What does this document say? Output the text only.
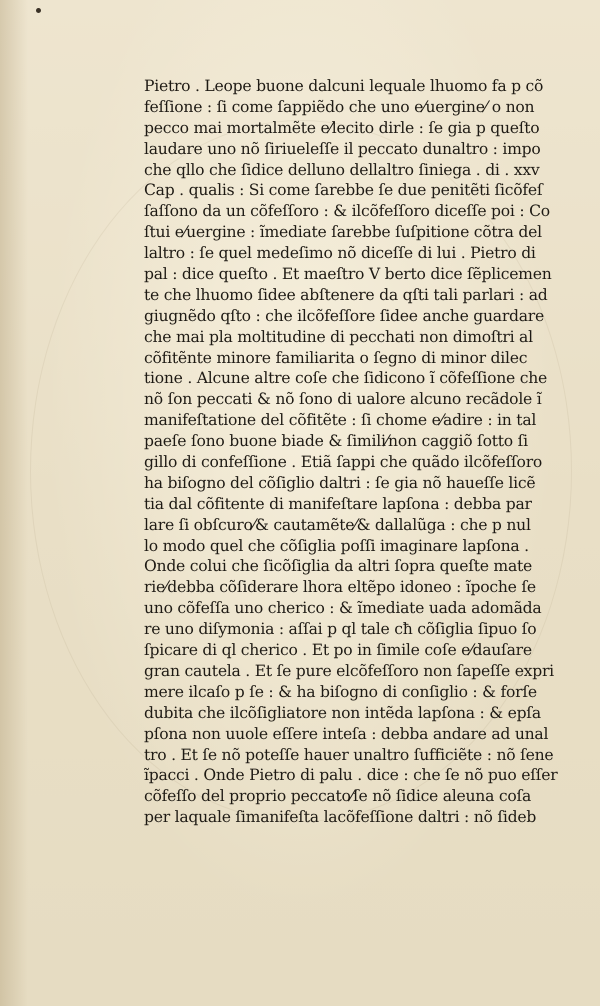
Pietro . Leope buone dalcuni lequale lhuomo fa p cõ
feſſione : ſi come ſappiẽdo che uno e⁄uergine⁄ o non
pecco mai mortalmẽte e⁄lecito dirle : ſe gia p queſto
laudare uno nõ ſiriueleſſe il peccato dunaltro : impo
che qllo che ſidice delluno dellaltro ſiniega . di . xxv
Cap . qualis : Si come ſarebbe ſe due penitẽti ſicõfeſ
ſaſſono da un cõfeſſoro : & ilcõfeſſoro diceſſe poi : Co
ſtui e⁄uergine : ĩmediate ſarebbe ſuſpitione cõtra del
laltro : ſe quel medeſimo nõ diceſſe di lui . Pietro di
pal : dice queſto . Et maeſtro V berto dice ſẽplicemen
te che lhuomo ſidee abſtenere da qſti tali parlari : ad
giugnẽdo qſto : che ilcõfeſſore ſidee anche guardare
che mai pla moltitudine di pecchati non dimoſtri al
cõfitẽnte minore familiarita o ſegno di minor dilec
tione . Alcune altre coſe che ſidicono ĩ cõfeſſione che
nõ ſon peccati & nõ ſono di ualore alcuno recãdole ĩ
manifeſtatione del cõfitẽte : ſi chome e⁄adire : in tal
paeſe ſono buone biade & ſimili⁄non caggiõ ſotto ſi
gillo di confeſſione . Etiã ſappi che quãdo ilcõfeſſoro
ha biſogno del cõſiglio daltri : ſe gia nõ haueſſe licẽ
tia dal cõfitente di manifeſtare lapſona : debba par
lare ſi obſcuro⁄& cautamẽte⁄& dallalũga : che p nul
lo modo quel che cõſiglia poſſi imaginare lapſona .
Onde colui che ſicõſiglia da altri ſopra queſte mate
rie⁄debba cõſiderare lhora eltẽpo idoneo : ĩpoche ſe
uno cõfeſſa uno cherico : & ĩmediate uada adomãda
re uno diſymonia : aſſai p ql tale cħ cõſiglia ſipuo ſo
ſpicare di ql cherico . Et po in ſimile coſe e⁄dauſare
gran cautela . Et ſe pure elcõfeſſoro non ſapeſſe expri
mere ilcaſo p ſe : & ha biſogno di conſiglio : & forſe
dubita che ilcõſigliatore non intẽda lapſona : & epſa
pſona non uuole eſſere inteſa : debba andare ad unal
tro . Et ſe nõ poteſſe hauer unaltro ſufficiẽte : nõ ſene
ĩpacci . Onde Pietro di palu . dice : che ſe nõ puo eſſer
cõfeſſo del proprio peccato⁄ſe nõ ſidice aleuna coſa
per laquale ſimanifeſta lacõfeſſione daltri : nõ ſideb
